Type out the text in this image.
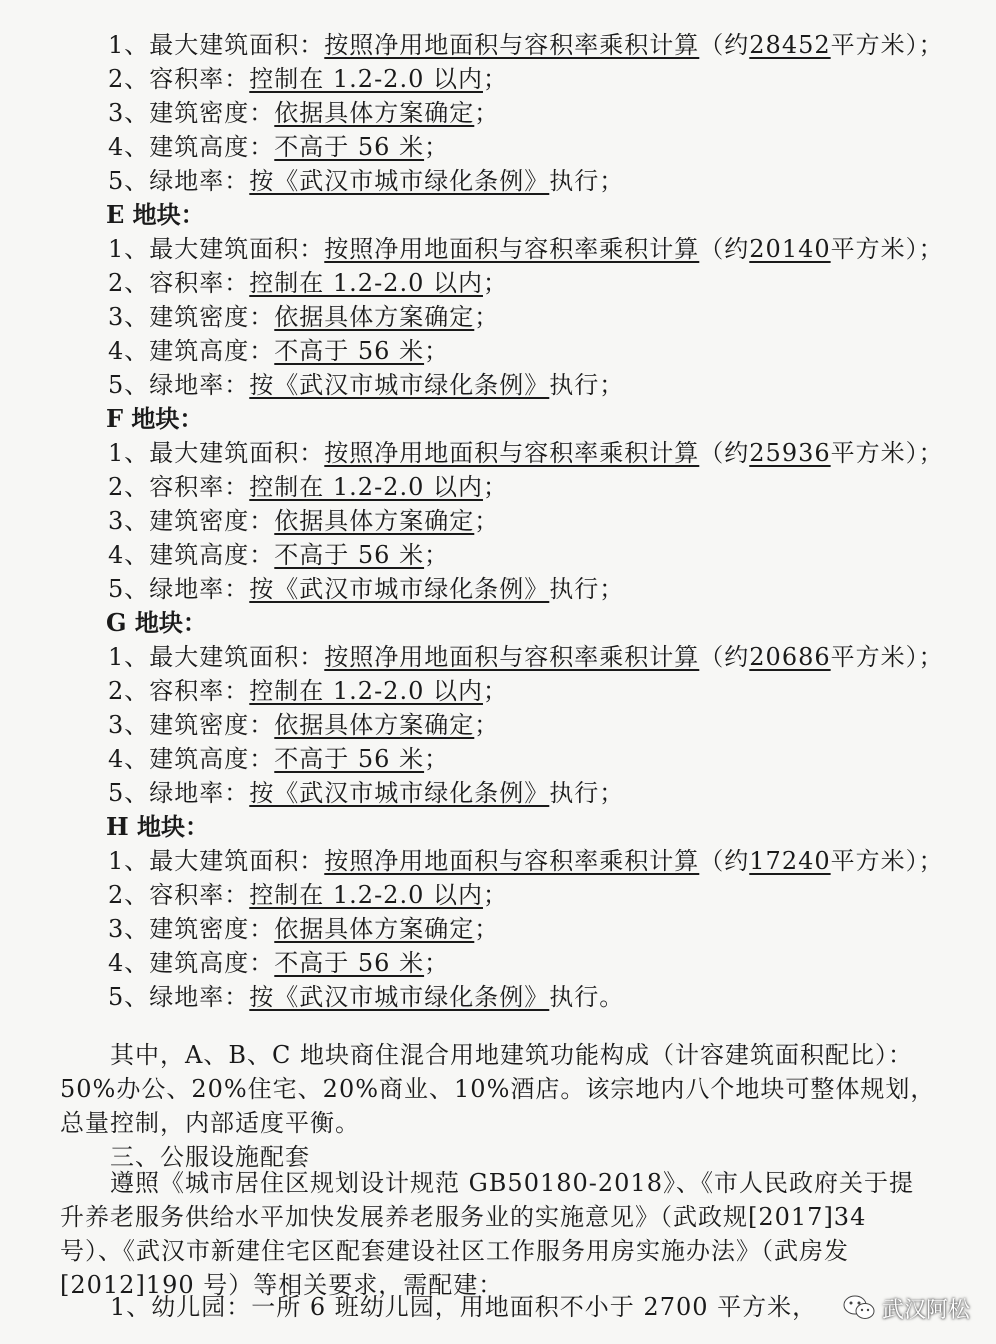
1、最大建筑面积：按照净用地面积与容积率乘积计算（约28452平方米）；
2、容积率：控制在 1.2-2.0 以内；
3、建筑密度：依据具体方案确定；
4、建筑高度：不高于 56 米；
5、绿地率：按《武汉市城市绿化条例》执行；
E 地块：
1、最大建筑面积：按照净用地面积与容积率乘积计算（约20140平方米）；
2、容积率：控制在 1.2-2.0 以内；
3、建筑密度：依据具体方案确定；
4、建筑高度：不高于 56 米；
5、绿地率：按《武汉市城市绿化条例》执行；
F 地块：
1、最大建筑面积：按照净用地面积与容积率乘积计算（约25936平方米）；
2、容积率：控制在 1.2-2.0 以内；
3、建筑密度：依据具体方案确定；
4、建筑高度：不高于 56 米；
5、绿地率：按《武汉市城市绿化条例》执行；
G 地块：
1、最大建筑面积：按照净用地面积与容积率乘积计算（约20686平方米）；
2、容积率：控制在 1.2-2.0 以内；
3、建筑密度：依据具体方案确定；
4、建筑高度：不高于 56 米；
5、绿地率：按《武汉市城市绿化条例》执行；
H 地块：
1、最大建筑面积：按照净用地面积与容积率乘积计算（约17240平方米）；
2、容积率：控制在 1.2-2.0 以内；
3、建筑密度：依据具体方案确定；
4、建筑高度：不高于 56 米；
5、绿地率：按《武汉市城市绿化条例》执行。
　　其中，A、B、C 地块商住混合用地建筑功能构成（计容建筑面积配比）：
50%办公、20%住宅、20%商业、10%酒店。该宗地内八个地块可整体规划，
总量控制，内部适度平衡。
　　三、公服设施配套
　　遵照《城市居住区规划设计规范 GB50180-2018》、《市人民政府关于提
升养老服务供给水平加快发展养老服务业的实施意见》（武政规[2017]34
号）、《武汉市新建住宅区配套建设社区工作服务用房实施办法》（武房发
[2012]190 号）等相关要求，需配建：
　　1、幼儿园：一所 6 班幼儿园，用地面积不小于 2700 平方米，	武汉阿松
